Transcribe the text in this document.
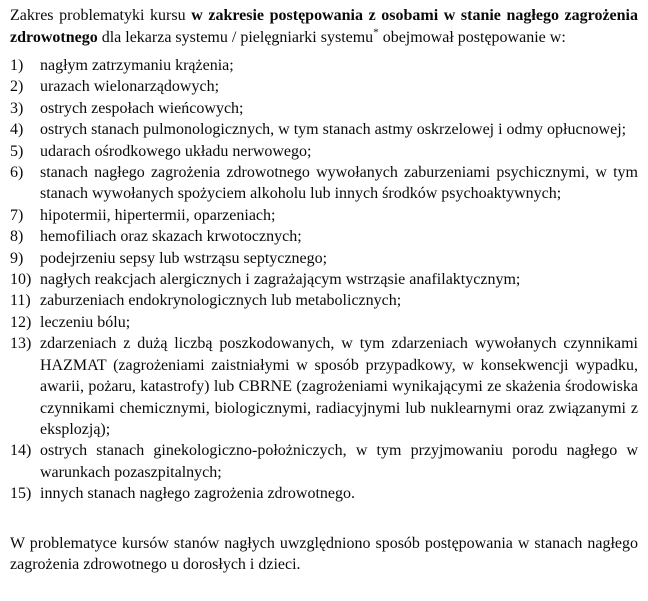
Zakres problematyki kursu w zakresie postępowania z osobami w stanie nagłego zagrożenia zdrowotnego dla lekarza systemu / pielęgniarki systemu* obejmował postępowanie w:

1)	nagłym zatrzymaniu krążenia;
2)	urazach wielonarządowych;
3)	ostrych zespołach wieńcowych;
4)	ostrych stanach pulmonologicznych, w tym stanach astmy oskrzelowej i odmy opłucnowej;
5)	udarach ośrodkowego układu nerwowego;
6)	stanach nagłego zagrożenia zdrowotnego wywołanych zaburzeniami psychicznymi, w tym stanach wywołanych spożyciem alkoholu lub innych środków psychoaktywnych;
7)	hipotermii, hipertermii, oparzeniach;
8)	hemofiliach oraz skazach krwotocznych;
9)	podejrzeniu sepsy lub wstrząsu septycznego;
10) nagłych reakcjach alergicznych i zagrażającym wstrząsie anafilaktycznym;
11) zaburzeniach endokrynologicznych lub metabolicznych;
12) leczeniu bólu;
13) zdarzeniach z dużą liczbą poszkodowanych, w tym zdarzeniach wywołanych czynnikami HAZMAT (zagrożeniami zaistniałymi w sposób przypadkowy, w konsekwencji wypadku, awarii, pożaru, katastrofy) lub CBRNE (zagrożeniami wynikającymi ze skażenia środowiska czynnikami chemicznymi, biologicznymi, radiacyjnymi lub nuklearnymi oraz związanymi z eksplozją);
14) ostrych stanach ginekologiczno-położniczych, w tym przyjmowaniu porodu nagłego w warunkach pozaszpitalnych;
15) innych stanach nagłego zagrożenia zdrowotnego.

W problematyce kursów stanów nagłych uwzględniono sposób postępowania w stanach nagłego zagrożenia zdrowotnego u dorosłych i dzieci.
